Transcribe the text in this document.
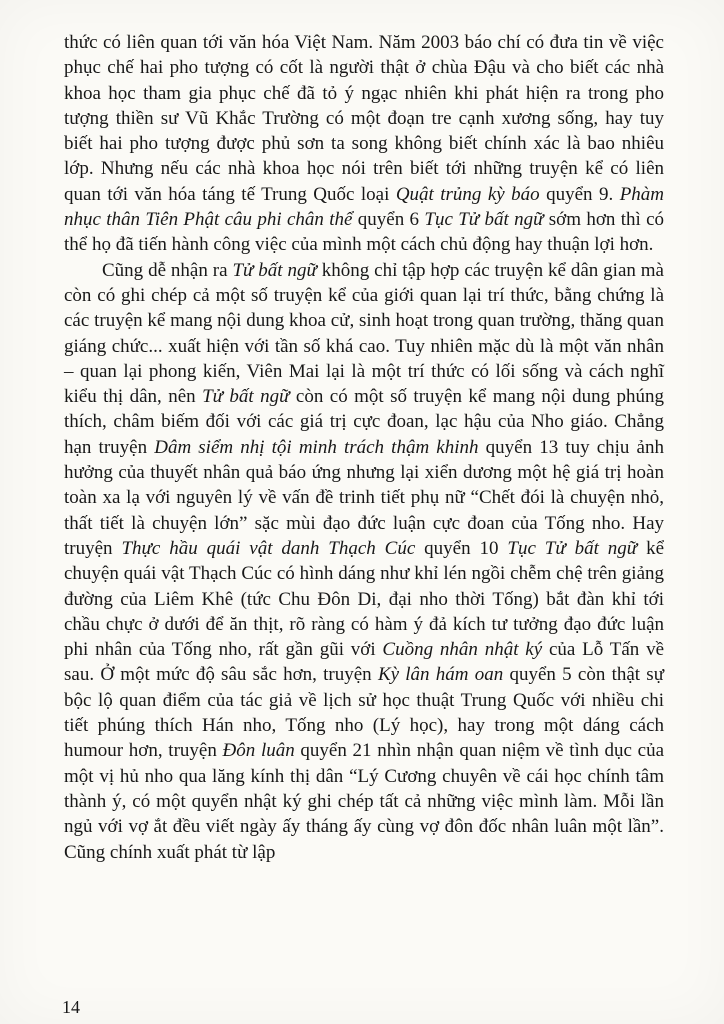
thức có liên quan tới văn hóa Việt Nam. Năm 2003 báo chí có đưa tin về việc phục chế hai pho tượng có cốt là người thật ở chùa Đậu và cho biết các nhà khoa học tham gia phục chế đã tỏ ý ngạc nhiên khi phát hiện ra trong pho tượng thiền sư Vũ Khắc Trường có một đoạn tre cạnh xương sống, hay tuy biết hai pho tượng được phủ sơn ta song không biết chính xác là bao nhiêu lớp. Nhưng nếu các nhà khoa học nói trên biết tới những truyện kể có liên quan tới văn hóa táng tế Trung Quốc loại Quật trủng kỳ báo quyển 9. Phàm nhục thân Tiên Phật câu phi chân thể quyển 6 Tục Tử bất ngữ sớm hơn thì có thể họ đã tiến hành công việc của mình một cách chủ động hay thuận lợi hơn.

Cũng dễ nhận ra Tử bất ngữ không chỉ tập hợp các truyện kể dân gian mà còn có ghi chép cả một số truyện kể của giới quan lại trí thức, bằng chứng là các truyện kể mang nội dung khoa cử, sinh hoạt trong quan trường, thăng quan giáng chức... xuất hiện với tần số khá cao. Tuy nhiên mặc dù là một văn nhân – quan lại phong kiến, Viên Mai lại là một trí thức có lối sống và cách nghĩ kiểu thị dân, nên Tử bất ngữ còn có một số truyện kể mang nội dung phúng thích, châm biếm đối với các giá trị cực đoan, lạc hậu của Nho giáo. Chẳng hạn truyện Dâm siểm nhị tội minh trách thậm khinh quyển 13 tuy chịu ảnh hưởng của thuyết nhân quả báo ứng nhưng lại xiển dương một hệ giá trị hoàn toàn xa lạ với nguyên lý về vấn đề trinh tiết phụ nữ “Chết đói là chuyện nhỏ, thất tiết là chuyện lớn” sặc mùi đạo đức luận cực đoan của Tống nho. Hay truyện Thực hầu quái vật danh Thạch Cúc quyển 10 Tục Tử bất ngữ kể chuyện quái vật Thạch Cúc có hình dáng như khỉ lén ngồi chễm chệ trên giảng đường của Liêm Khê (tức Chu Đôn Di, đại nho thời Tống) bắt đàn khỉ tới chầu chực ở dưới để ăn thịt, rõ ràng có hàm ý đả kích tư tưởng đạo đức luận phi nhân của Tống nho, rất gần gũi với Cuồng nhân nhật ký của Lỗ Tấn về sau. Ở một mức độ sâu sắc hơn, truyện Kỳ lân hám oan quyển 5 còn thật sự bộc lộ quan điểm của tác giả về lịch sử học thuật Trung Quốc với nhiều chi tiết phúng thích Hán nho, Tống nho (Lý học), hay trong một dáng cách humour hơn, truyện Đôn luân quyển 21 nhìn nhận quan niệm về tình dục của một vị hủ nho qua lăng kính thị dân “Lý Cương chuyên về cái học chính tâm thành ý, có một quyển nhật ký ghi chép tất cả những việc mình làm. Mỗi lần ngủ với vợ ắt đều viết ngày ấy tháng ấy cùng vợ đôn đốc nhân luân một lần”. Cũng chính xuất phát từ lập

14
